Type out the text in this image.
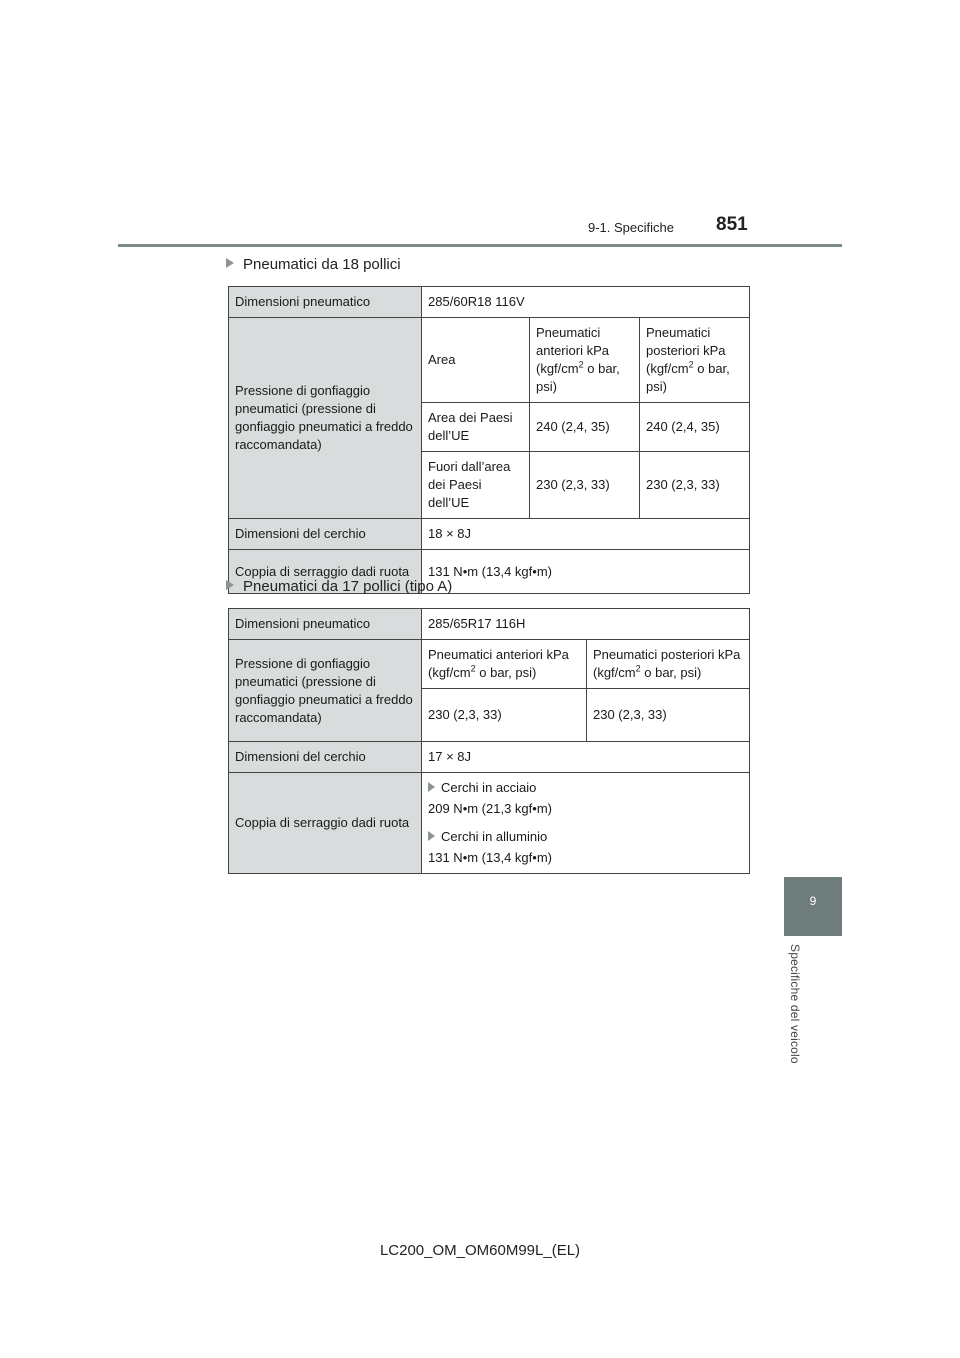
9-1. Specifiche 851
9
Specifiche del veicolo
Pneumatici da 18 pollici
Dimensioni pneumatico	285/60R18 116V		
Pressione di gonfiaggio pneumatici (pressione di gonfiaggio pneumatici a freddo raccomandata)	Area	Pneumatici anteriori kPa ($kgf/cm^2$ o bar, psi)	Pneumatici posteriori kPa ($kgf/cm^2$ o bar, psi)
	Area dei Paesi dell’UE	240 (2,4, 35)	240 (2,4, 35)
	Fuori dall’area dei Paesi dell’UE	230 (2,3, 33)	230 (2,3, 33)
Dimensioni del cerchio	18 × 8J		
Coppia di serraggio dadi ruota	131 N•m (13,4 kgf•m)		
Pneumatici da 17 pollici (tipo A)
Dimensioni pneumatico	285/65R17 116H	
Pressione di gonfiaggio pneumatici (pressione di gonfiaggio pneumatici a freddo raccomandata)	Pneumatici anteriori kPa ($kgf/cm^2$ o bar, psi)	Pneumatici posteriori kPa ($kgf/cm^2$ o bar, psi)
	230 (2,3, 33)	230 (2,3, 33)
Dimensioni del cerchio	17 × 8J	
Coppia di serraggio dadi ruota	Cerchi in acciaio
209 N•m (21,3 kgf•m)
Cerchi in alluminio
131 N•m (13,4 kgf•m)	
LC200_OM_OM60M99L_(EL)
